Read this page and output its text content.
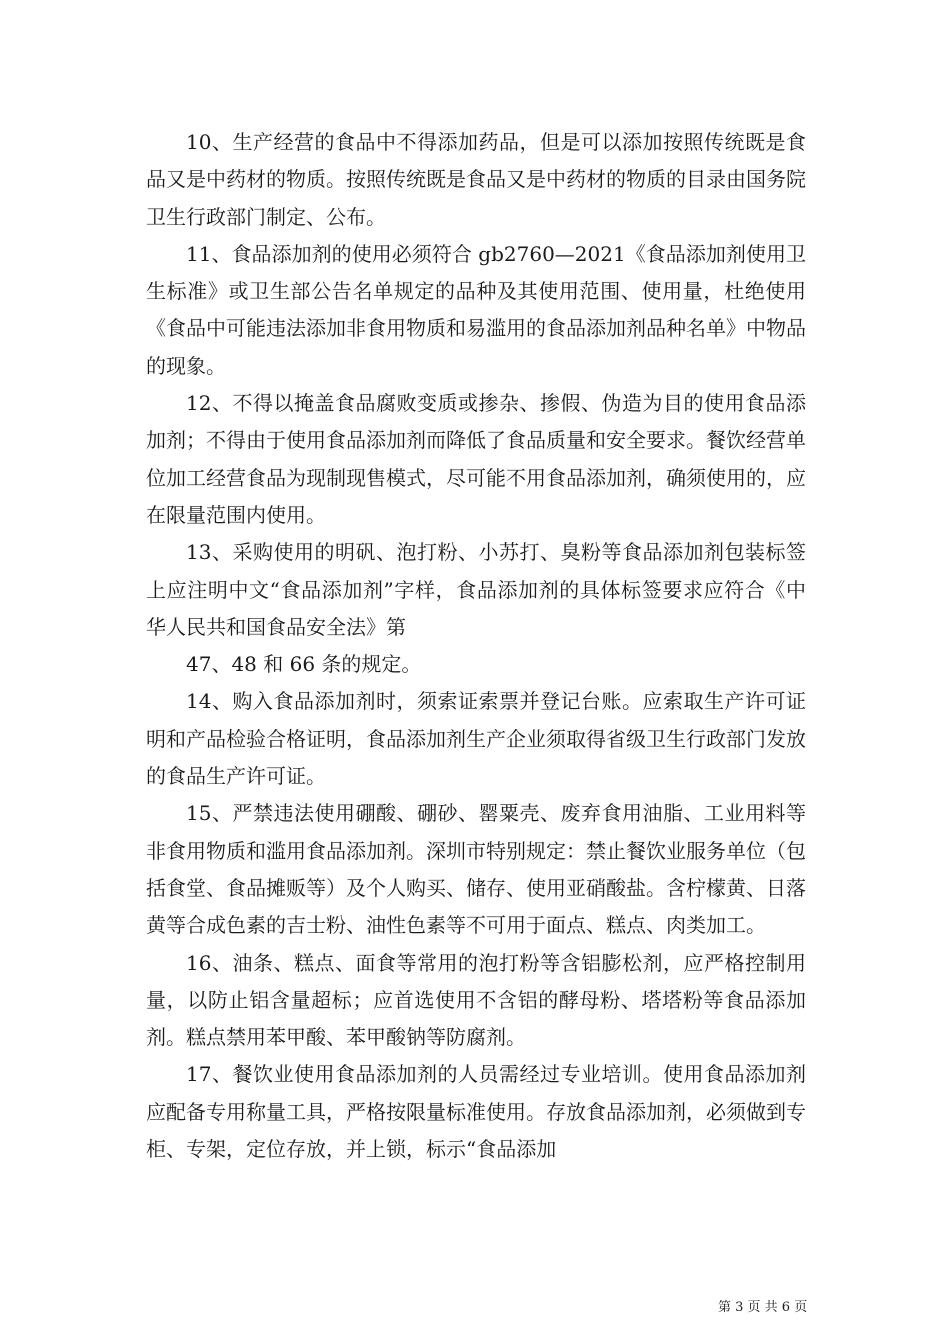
10、生产经营的食品中不得添加药品，但是可以添加按照传统既是食品又是中药材的物质。按照传统既是食品又是中药材的物质的目录由国务院卫生行政部门制定、公布。

11、食品添加剂的使用必须符合 gb2760—2021《食品添加剂使用卫生标准》或卫生部公告名单规定的品种及其使用范围、使用量，杜绝使用《食品中可能违法添加非食用物质和易滥用的食品添加剂品种名单》中物品的现象。

12、不得以掩盖食品腐败变质或掺杂、掺假、伪造为目的使用食品添加剂；不得由于使用食品添加剂而降低了食品质量和安全要求。餐饮经营单位加工经营食品为现制现售模式，尽可能不用食品添加剂，确须使用的，应在限量范围内使用。

13、采购使用的明矾、泡打粉、小苏打、臭粉等食品添加剂包装标签上应注明中文“食品添加剂”字样，食品添加剂的具体标签要求应符合《中华人民共和国食品安全法》第

47、48 和 66 条的规定。

14、购入食品添加剂时，须索证索票并登记台账。应索取生产许可证明和产品检验合格证明，食品添加剂生产企业须取得省级卫生行政部门发放的食品生产许可证。

15、严禁违法使用硼酸、硼砂、罂粟壳、废弃食用油脂、工业用料等非食用物质和滥用食品添加剂。深圳市特别规定：禁止餐饮业服务单位（包括食堂、食品摊贩等）及个人购买、储存、使用亚硝酸盐。含柠檬黄、日落黄等合成色素的吉士粉、油性色素等不可用于面点、糕点、肉类加工。

16、油条、糕点、面食等常用的泡打粉等含铝膨松剂，应严格控制用量，以防止铝含量超标；应首选使用不含铝的酵母粉、塔塔粉等食品添加剂。糕点禁用苯甲酸、苯甲酸钠等防腐剂。

17、餐饮业使用食品添加剂的人员需经过专业培训。使用食品添加剂应配备专用称量工具，严格按限量标准使用。存放食品添加剂，必须做到专柜、专架，定位存放，并上锁，标示“食品添加

第 3 页 共 6 页
